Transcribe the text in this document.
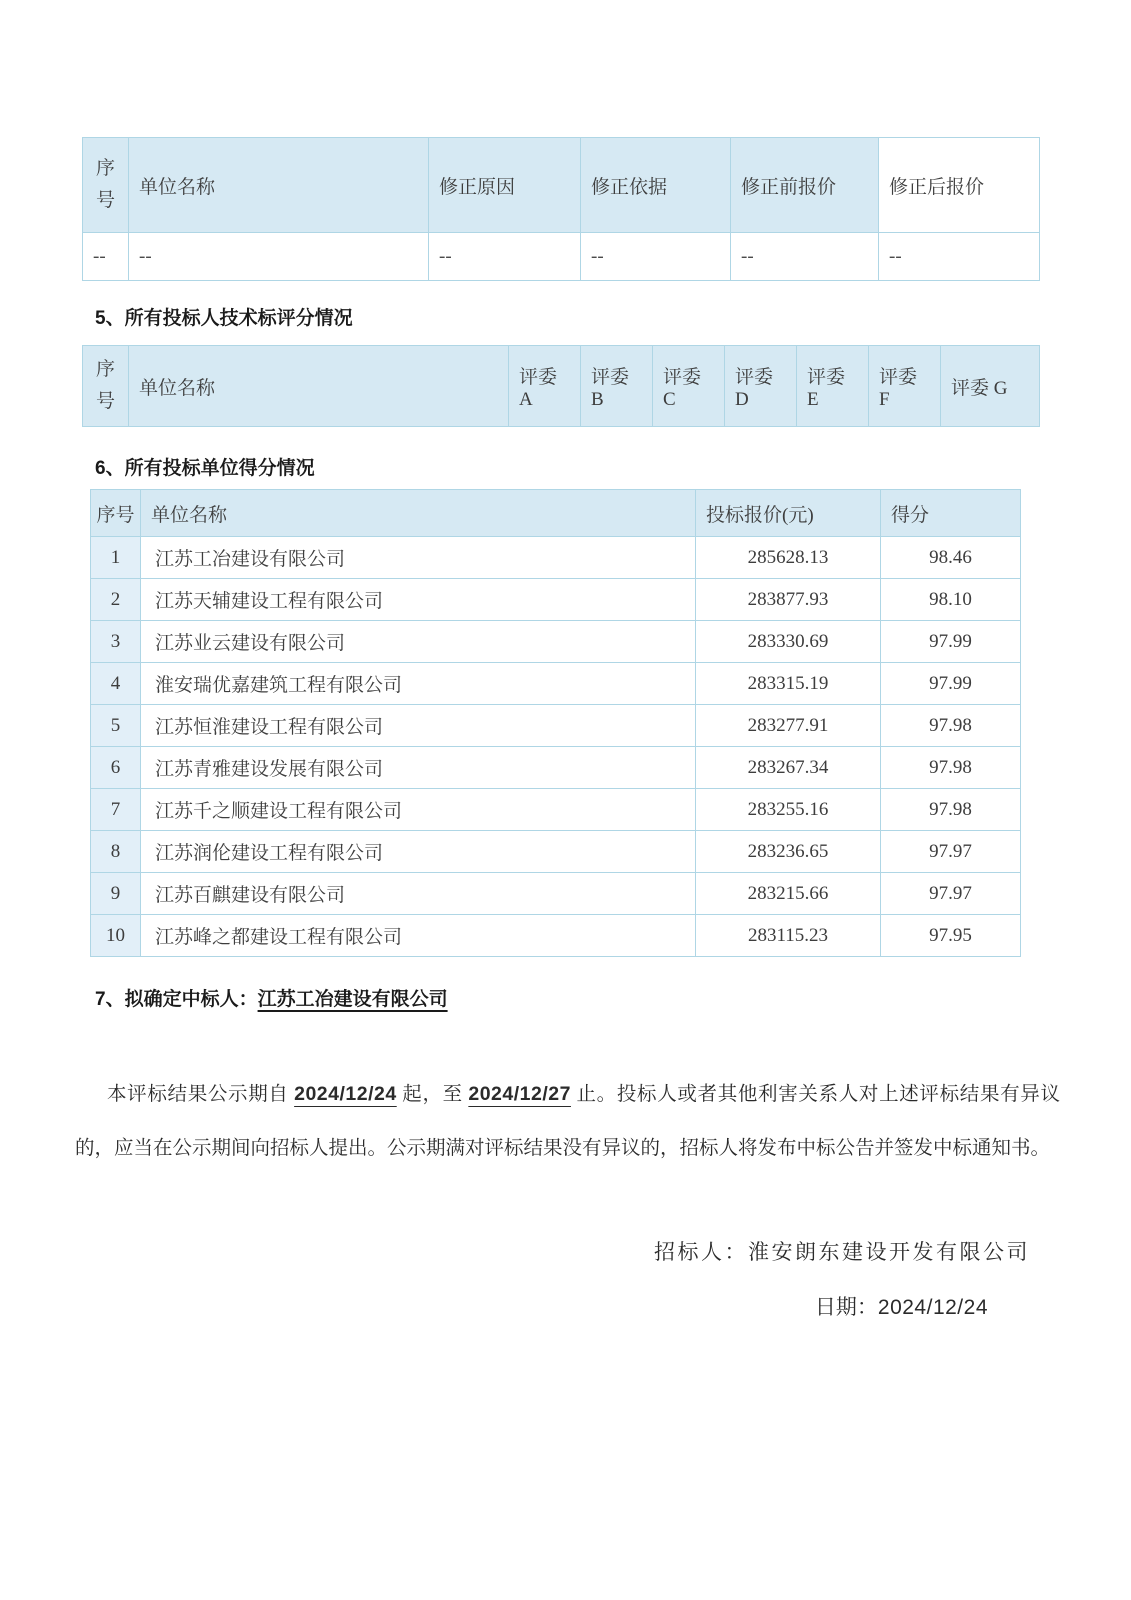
序号	单位名称	修正原因	修正依据	修正前报价	修正后报价
--	--	--	--	--	--
5、所有投标人技术标评分情况
序号	单位名称	评委 A	评委 B	评委 C	评委 D	评委 E	评委 F	评委 G
6、所有投标单位得分情况
序号	单位名称	投标报价(元)	得分
1	江苏工冶建设有限公司	285628.13	98.46
2	江苏天辅建设工程有限公司	283877.93	98.10
3	江苏业云建设有限公司	283330.69	97.99
4	淮安瑞优嘉建筑工程有限公司	283315.19	97.99
5	江苏恒淮建设工程有限公司	283277.91	97.98
6	江苏青雅建设发展有限公司	283267.34	97.98
7	江苏千之顺建设工程有限公司	283255.16	97.98
8	江苏润伦建设工程有限公司	283236.65	97.97
9	江苏百麒建设有限公司	283215.66	97.97
10	江苏峰之都建设工程有限公司	283115.23	97.95
7、拟确定中标人：江苏工冶建设有限公司

本评标结果公示期自 2024/12/24 起，至 2024/12/27 止。投标人或者其他利害关系人对上述评标结果有异议的，应当在公示期间向招标人提出。公示期满对评标结果没有异议的，招标人将发布中标公告并签发中标通知书。

招标人：淮安朗东建设开发有限公司
日期：2024/12/24
